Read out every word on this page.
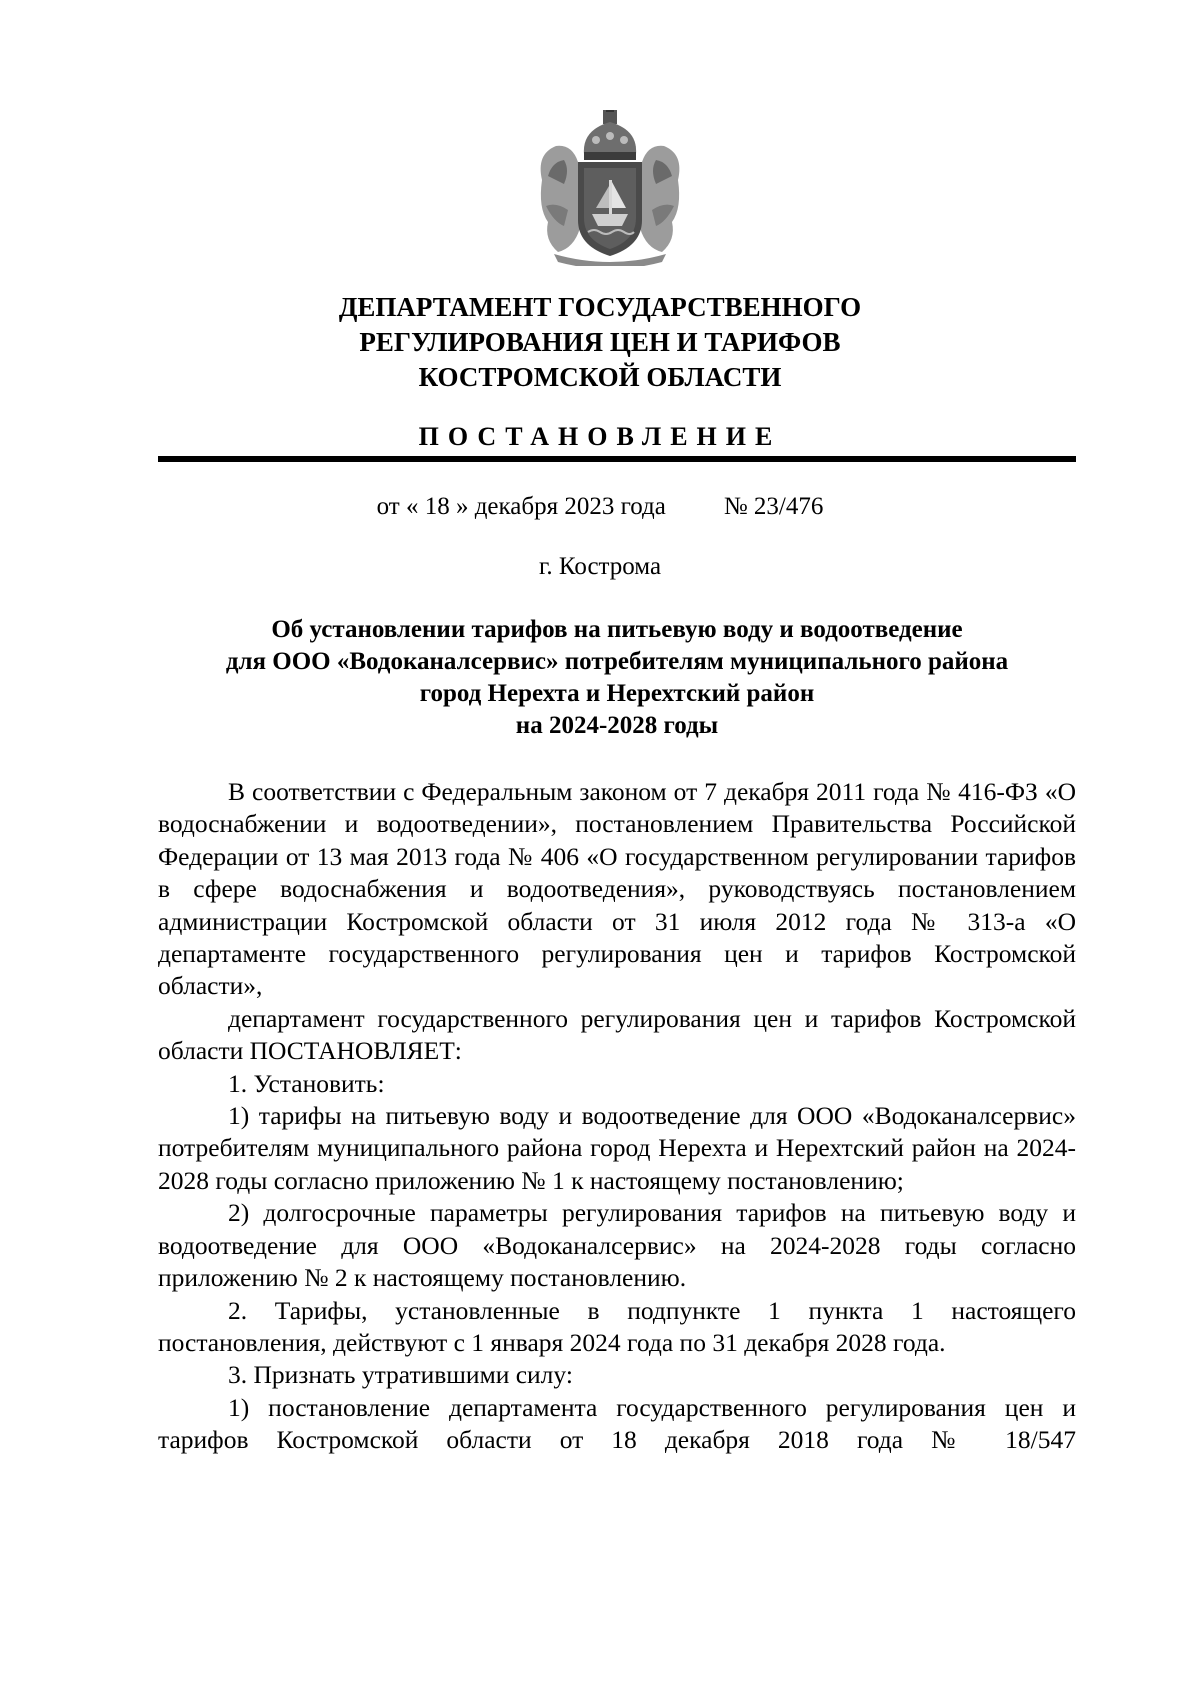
ДЕПАРТАМЕНТ ГОСУДАРСТВЕННОГО
РЕГУЛИРОВАНИЯ ЦЕН И ТАРИФОВ
КОСТРОМСКОЙ ОБЛАСТИ
ПОСТАНОВЛЕНИЕ
от « 18 » декабря 2023 года № 23/476
г. Кострома
Об установлении тарифов на питьевую воду и водоотведение
для ООО «Водоканалсервис» потребителям муниципального района
город Нерехта и Нерехтский район
на 2024-2028 годы

В соответствии с Федеральным законом от 7 декабря 2011 года № 416-ФЗ «О водоснабжении и водоотведении», постановлением Правительства Российской Федерации от 13 мая 2013 года № 406 «О государственном регулировании тарифов в сфере водоснабжения и водоотведения», руководствуясь постановлением администрации Костромской области от 31 июля 2012 года № 313-а «О департаменте государственного регулирования цен и тарифов Костромской области»,

департамент государственного регулирования цен и тарифов Костромской области ПОСТАНОВЛЯЕТ:

1. Установить:

1) тарифы на питьевую воду и водоотведение для ООО «Водоканалсервис» потребителям муниципального района город Нерехта и Нерехтский район на 2024-2028 годы согласно приложению № 1 к настоящему постановлению;

2) долгосрочные параметры регулирования тарифов на питьевую воду и водоотведение для ООО «Водоканалсервис» на 2024-2028 годы согласно приложению № 2 к настоящему постановлению.

2. Тарифы, установленные в подпункте 1 пункта 1 настоящего постановления, действуют с 1 января 2024 года по 31 декабря 2028 года.

3. Признать утратившими силу:

1) постановление департамента государственного регулирования цен и тарифов Костромской области от 18 декабря 2018 года № 18/547
